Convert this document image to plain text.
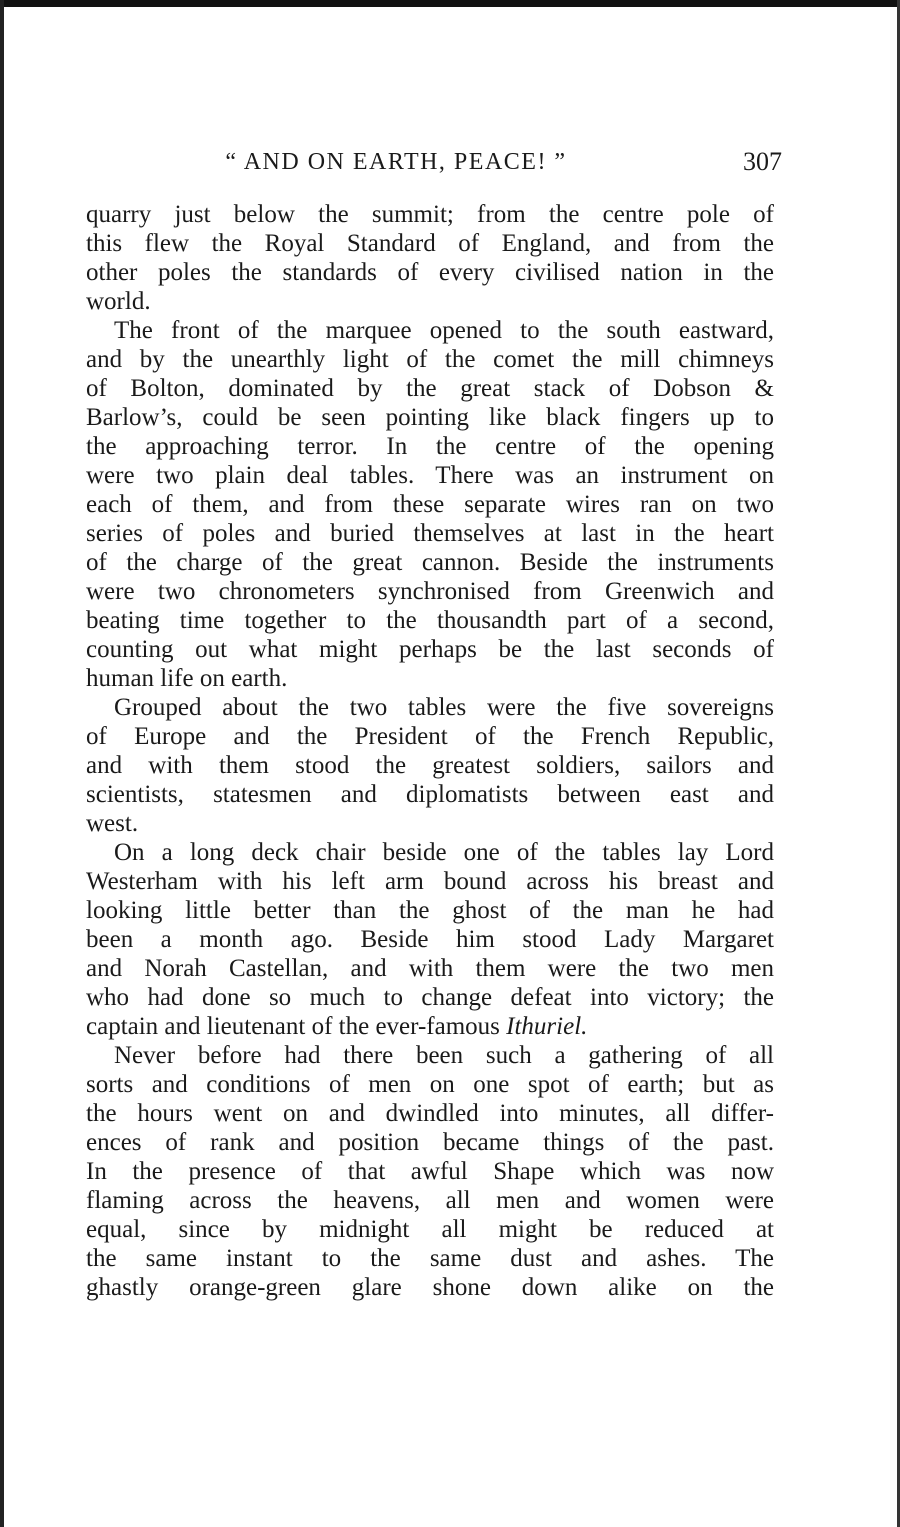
“ AND ON EARTH, PEACE! ”	307
quarry just below the summit; from the centre pole of
this flew the Royal Standard of England, and from the
other poles the standards of every civilised nation in the
world.
The front of the marquee opened to the south eastward,
and by the unearthly light of the comet the mill chimneys
of Bolton, dominated by the great stack of Dobson &
Barlow’s, could be seen pointing like black fingers up to
the approaching terror. In the centre of the opening
were two plain deal tables. There was an instrument on
each of them, and from these separate wires ran on two
series of poles and buried themselves at last in the heart
of the charge of the great cannon. Beside the instruments
were two chronometers synchronised from Greenwich and
beating time together to the thousandth part of a second,
counting out what might perhaps be the last seconds of
human life on earth.
Grouped about the two tables were the five sovereigns
of Europe and the President of the French Republic,
and with them stood the greatest soldiers, sailors and
scientists, statesmen and diplomatists between east and
west.
On a long deck chair beside one of the tables lay Lord
Westerham with his left arm bound across his breast and
looking little better than the ghost of the man he had
been a month ago. Beside him stood Lady Margaret
and Norah Castellan, and with them were the two men
who had done so much to change defeat into victory; the
captain and lieutenant of the ever-famous Ithuriel.
Never before had there been such a gathering of all
sorts and conditions of men on one spot of earth; but as
the hours went on and dwindled into minutes, all differ-
ences of rank and position became things of the past.
In the presence of that awful Shape which was now
flaming across the heavens, all men and women were
equal, since by midnight all might be reduced at
the same instant to the same dust and ashes. The
ghastly orange-green glare shone down alike on the
